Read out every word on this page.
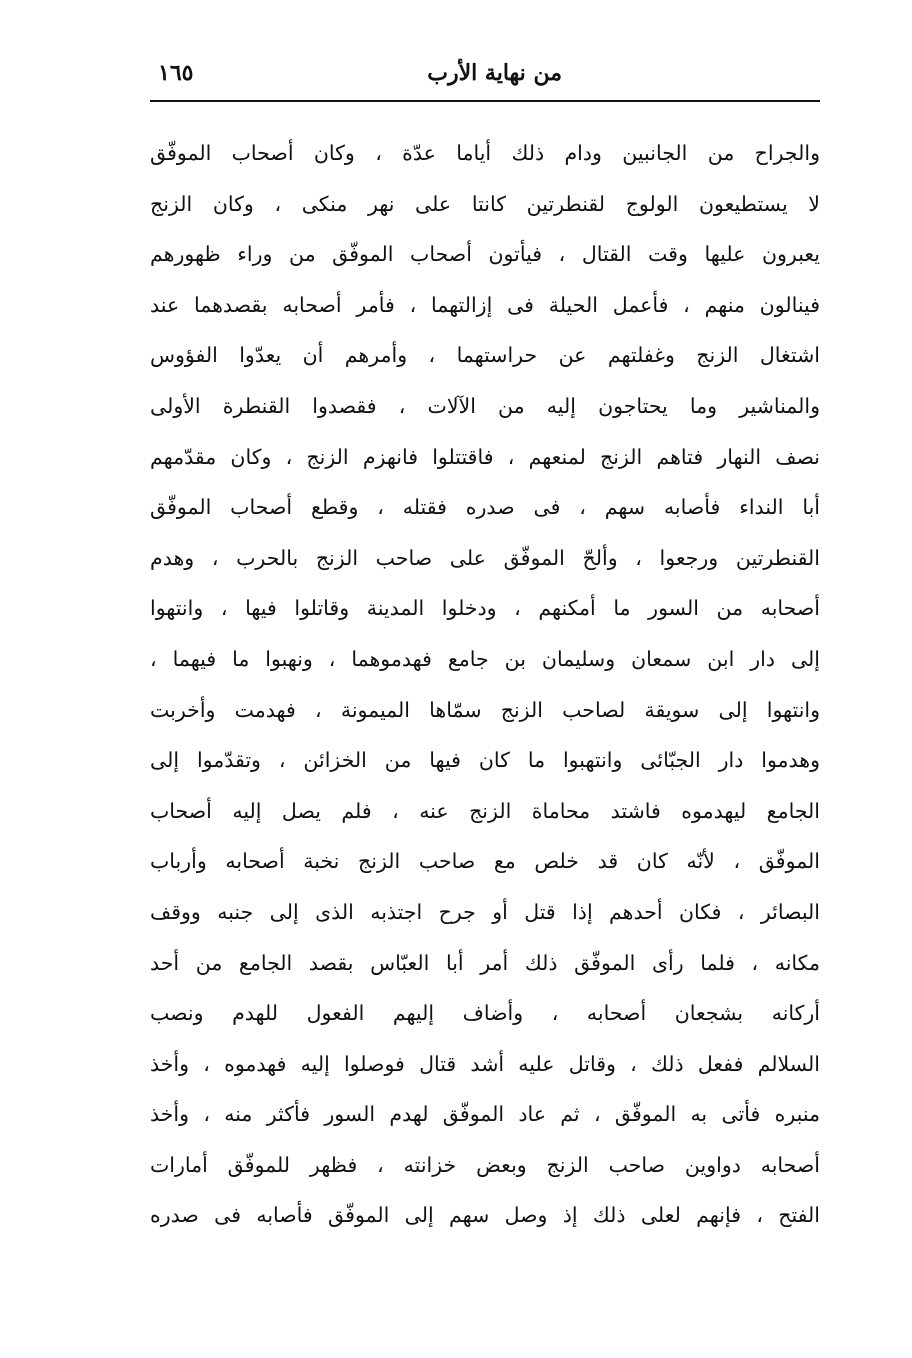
من نهاية الأرب
١٦٥
والجراح من الجانبين ودام ذلك أياما عدّة ، وكان أصحاب الموفّق
لا يستطيعون الولوج لقنطرتين كانتا على نهر منكى ، وكان الزنج
يعبرون عليها وقت القتال ، فيأتون أصحاب الموفّق من وراء ظهورهم
فينالون منهم ، فأعمل الحيلة فى إزالتهما ، فأمر أصحابه بقصدهما عند
اشتغال الزنج وغفلتهم عن حراستهما ، وأمرهم أن يعدّوا الفؤوس
والمناشير وما يحتاجون إليه من الآلات ، فقصدوا القنطرة الأولى
نصف النهار فتاهم الزنج لمنعهم ، فاقتتلوا فانهزم الزنج ، وكان مقدّمهم
أبا النداء فأصابه سهم ، فى صدره فقتله ، وقطع أصحاب الموفّق
القنطرتين ورجعوا ، وألحّ الموفّق على صاحب الزنج بالحرب ، وهدم
أصحابه من السور ما أمكنهم ، ودخلوا المدينة وقاتلوا فيها ، وانتهوا
إلى دار ابن سمعان وسليمان بن جامع فهدموهما ، ونهبوا ما فيهما ،
وانتهوا إلى سويقة لصاحب الزنج سمّاها الميمونة ، فهدمت وأخربت
وهدموا دار الجبّائى وانتهبوا ما كان فيها من الخزائن ، وتقدّموا إلى
الجامع ليهدموه فاشتد محاماة الزنج عنه ، فلم يصل إليه أصحاب
الموفّق ، لأنّه كان قد خلص مع صاحب الزنج نخبة أصحابه وأرباب
البصائر ، فكان أحدهم إذا قتل أو جرح اجتذبه الذى إلى جنبه ووقف
مكانه ، فلما رأى الموفّق ذلك أمر أبا العبّاس بقصد الجامع من أحد
أركانه بشجعان أصحابه ، وأضاف إليهم الفعول للهدم ونصب
السلالم ففعل ذلك ، وقاتل عليه أشد قتال فوصلوا إليه فهدموه ، وأخذ
منبره فأتى به الموفّق ، ثم عاد الموفّق لهدم السور فأكثر منه ، وأخذ
أصحابه دواوين صاحب الزنج وبعض خزانته ، فظهر للموفّق أمارات
الفتح ، فإنهم لعلى ذلك إذ وصل سهم إلى الموفّق فأصابه فى صدره
